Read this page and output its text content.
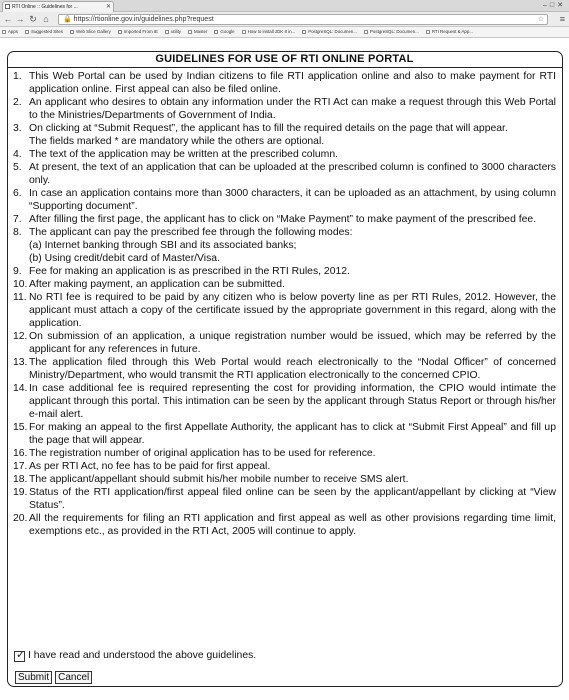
RTI Online :: Guidelines for ...	✕	–□✕
← → ↻ ⌂	🔒 https://rtionline.gov.in/guidelines.php?request	☆ ≡
Apps	Suggested Sites	Web Slice Gallery	Imported From IE	utility	Master	Google	How to install JDK 8 in...	PostgreSQL: Documen...	PostgreSQL: Documen...	RTI Request & App...
GUIDELINES FOR USE OF RTI ONLINE PORTAL
1. This Web Portal can be used by Indian citizens to file RTI application online and also to make payment for RTI application online. First appeal can also be filed online.
2. An applicant who desires to obtain any information under the RTI Act can make a request through this Web Portal to the Ministries/Departments of Government of India.
3. On clicking at “Submit Request”, the applicant has to fill the required details on the page that will appear.
The fields marked * are mandatory while the others are optional.
4. The text of the application may be written at the prescribed column.
5. At present, the text of an application that can be uploaded at the prescribed column is confined to 3000 characters only.
6. In case an application contains more than 3000 characters, it can be uploaded as an attachment, by using column “Supporting document”.
7. After filling the first page, the applicant has to click on “Make Payment” to make payment of the prescribed fee.
8. The applicant can pay the prescribed fee through the following modes:
(a) Internet banking through SBI and its associated banks;
(b) Using credit/debit card of Master/Visa.
9. Fee for making an application is as prescribed in the RTI Rules, 2012.
10. After making payment, an application can be submitted.
11. No RTI fee is required to be paid by any citizen who is below poverty line as per RTI Rules, 2012. However, the applicant must attach a copy of the certificate issued by the appropriate government in this regard, along with the application.
12. On submission of an application, a unique registration number would be issued, which may be referred by the applicant for any references in future.
13. The application filed through this Web Portal would reach electronically to the “Nodal Officer” of concerned Ministry/Department, who would transmit the RTI application electronically to the concerned CPIO.
14. In case additional fee is required representing the cost for providing information, the CPIO would intimate the applicant through this portal. This intimation can be seen by the applicant through Status Report or through his/her e-mail alert.
15. For making an appeal to the first Appellate Authority, the applicant has to click at “Submit First Appeal” and fill up the page that will appear.
16. The registration number of original application has to be used for reference.
17. As per RTI Act, no fee has to be paid for first appeal.
18. The applicant/appellant should submit his/her mobile number to receive SMS alert.
19. Status of the RTI application/first appeal filed online can be seen by the applicant/appellant by clicking at “View Status”.
20. All the requirements for filing an RTI application and first appeal as well as other provisions regarding time limit, exemptions etc., as provided in the RTI Act, 2005 will continue to apply.
✓ I have read and understood the above guidelines.
Submit Cancel
